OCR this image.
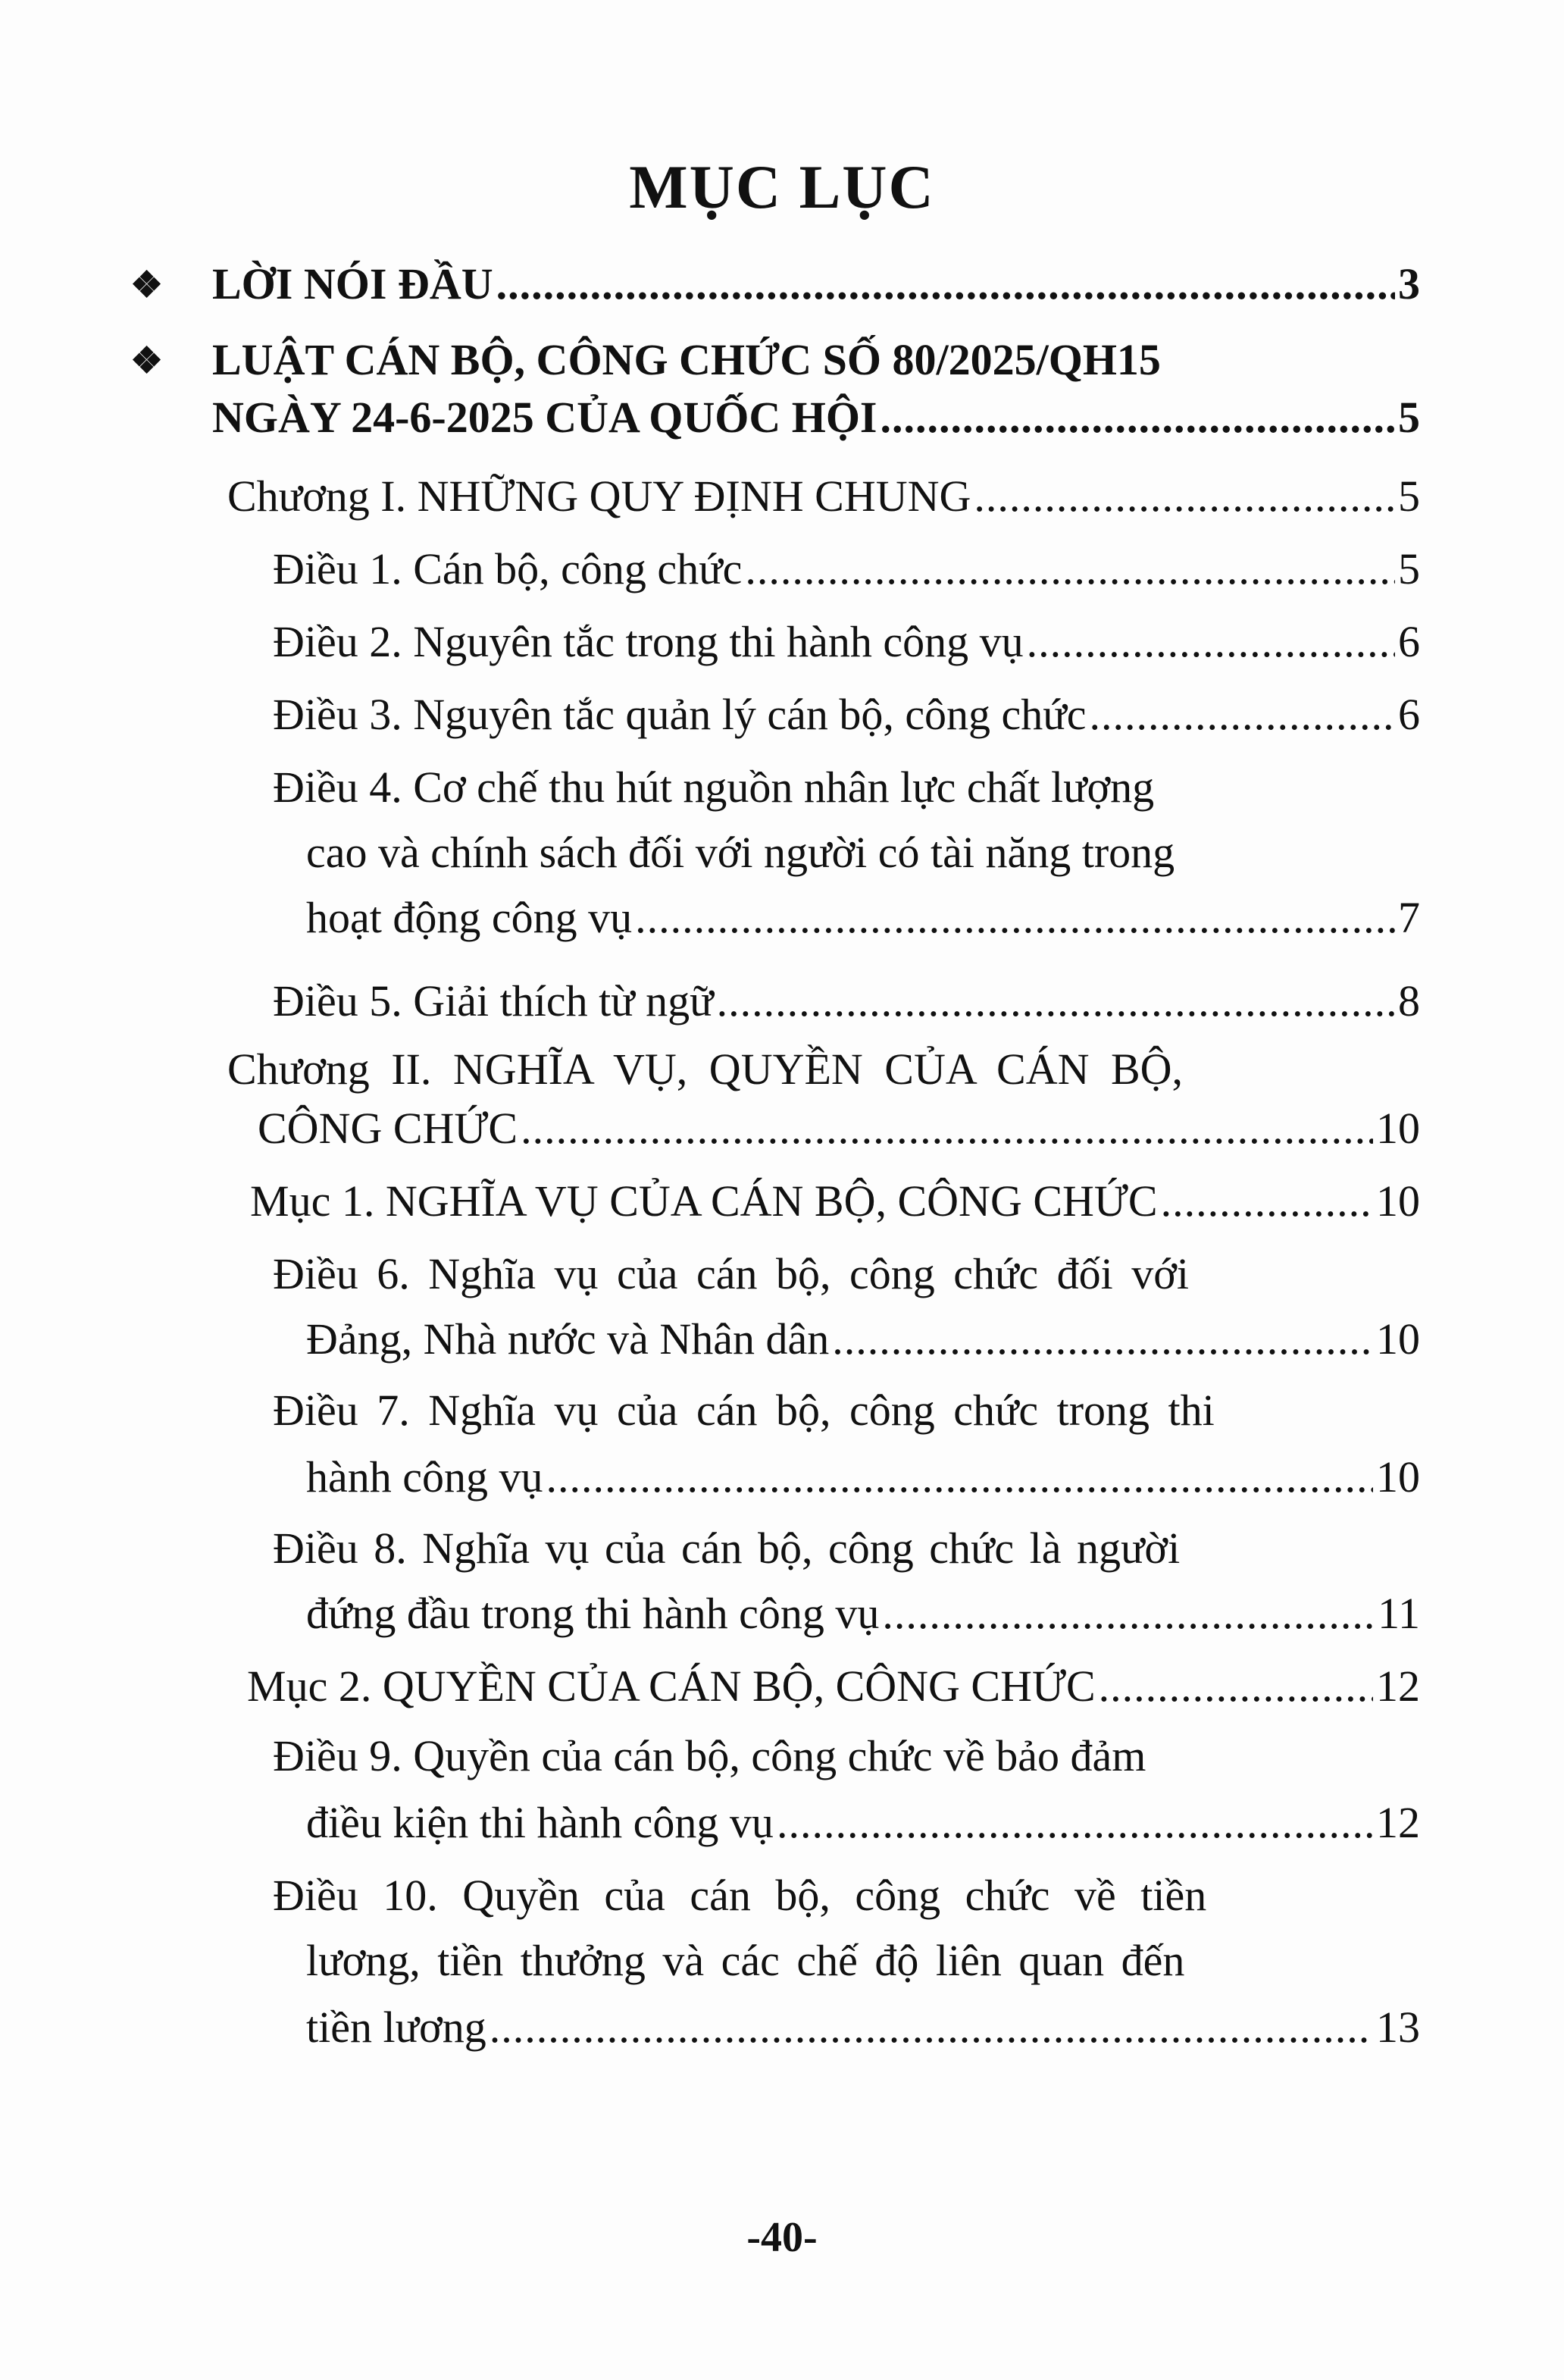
MỤC LỤC
❖ LỜI NÓI ĐẦU .....	3
❖ LUẬT CÁN BỘ, CÔNG CHỨC SỐ 80/2025/QH15
NGÀY 24-6-2025 CỦA QUỐC HỘI .....	5
Chương I. NHỮNG QUY ĐỊNH CHUNG .....	5
Điều 1. Cán bộ, công chức .....	5
Điều 2. Nguyên tắc trong thi hành công vụ .....	6
Điều 3. Nguyên tắc quản lý cán bộ, công chức .....	6
Điều 4. Cơ chế thu hút nguồn nhân lực chất lượng
cao và chính sách đối với người có tài năng trong
hoạt động công vụ .....	7
Điều 5. Giải thích từ ngữ .....	8
Chương II. NGHĨA VỤ, QUYỀN CỦA CÁN BỘ,
CÔNG CHỨC .....	10
Mục 1. NGHĨA VỤ CỦA CÁN BỘ, CÔNG CHỨC .....	10
Điều 6. Nghĩa vụ của cán bộ, công chức đối với
Đảng, Nhà nước và Nhân dân .....	10
Điều 7. Nghĩa vụ của cán bộ, công chức trong thi
hành công vụ .....	10
Điều 8. Nghĩa vụ của cán bộ, công chức là người
đứng đầu trong thi hành công vụ .....	11
Mục 2. QUYỀN CỦA CÁN BỘ, CÔNG CHỨC .....	12
Điều 9. Quyền của cán bộ, công chức về bảo đảm
điều kiện thi hành công vụ .....	12
Điều 10. Quyền của cán bộ, công chức về tiền
lương, tiền thưởng và các chế độ liên quan đến
tiền lương .....	13
-40-
